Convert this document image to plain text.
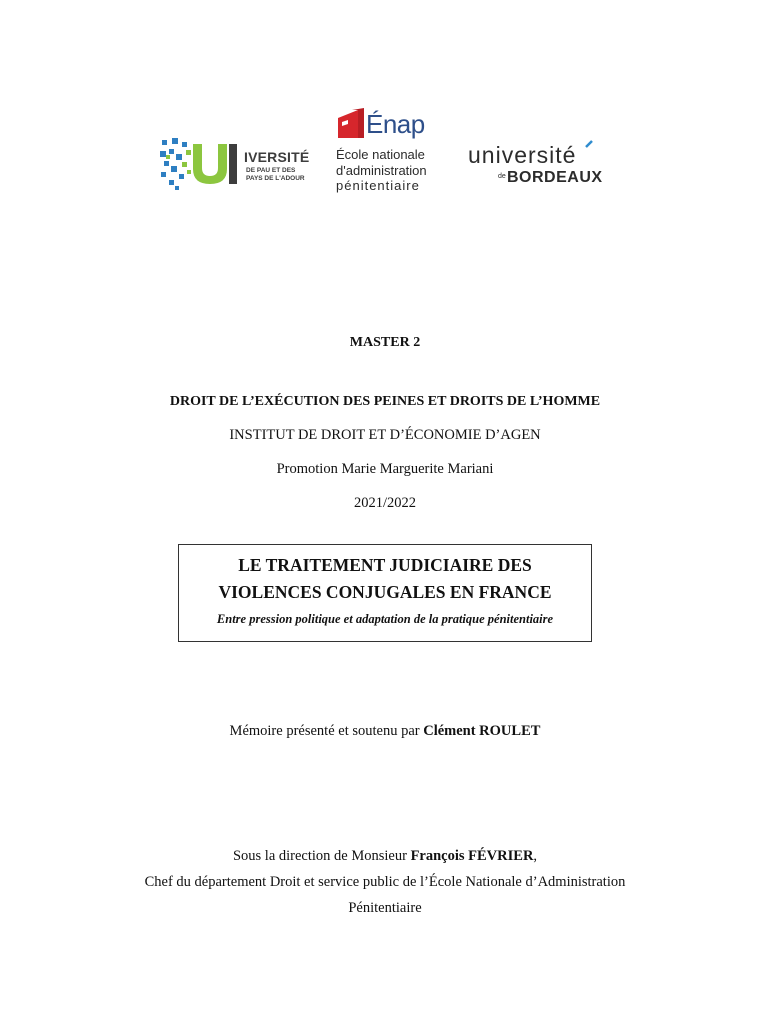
IVERSITÉ
DE PAU ET DES
PAYS DE L'ADOUR
Énap
École nationale
d'administration
pénitentiaire
université
de BORDEAUX
MASTER 2
DROIT DE L’EXÉCUTION DES PEINES ET DROITS DE L’HOMME
INSTITUT DE DROIT ET D’ÉCONOMIE D’AGEN
Promotion Marie Marguerite Mariani
2021/2022
LE TRAITEMENT JUDICIAIRE DES
VIOLENCES CONJUGALES EN FRANCE
Entre pression politique et adaptation de la pratique pénitentiaire
Mémoire présenté et soutenu par Clément ROULET
Sous la direction de Monsieur François FÉVRIER,
Chef du département Droit et service public de l’École Nationale d’Administration
Pénitentiaire
